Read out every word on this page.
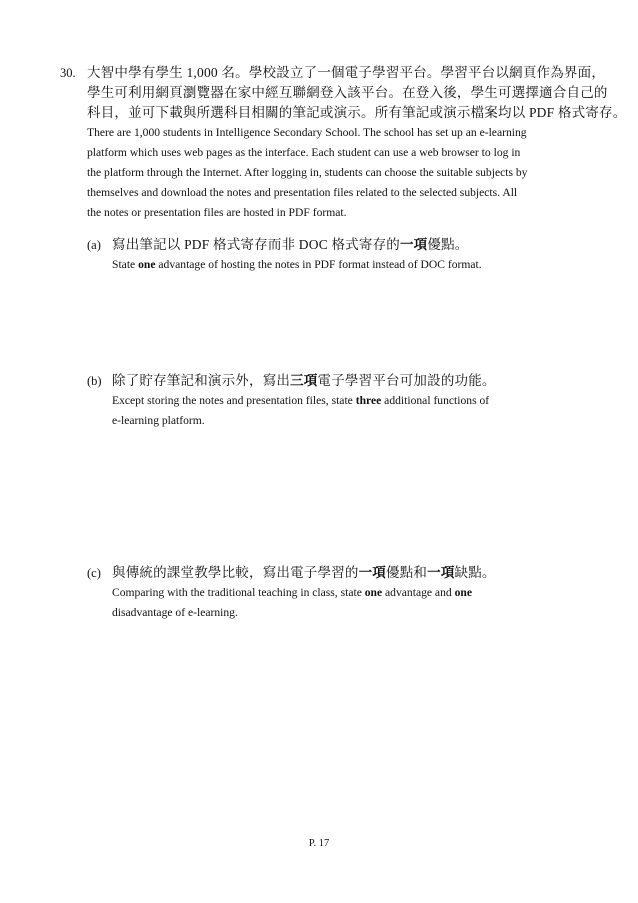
30. 大智中學有學生 1,000 名。學校設立了一個電子學習平台。學習平台以網頁作為界面，
學生可利用網頁瀏覽器在家中經互聯網登入該平台。在登入後，學生可選擇適合自己的
科目，並可下載與所選科目相關的筆記或演示。所有筆記或演示檔案均以 PDF 格式寄存。
There are 1,000 students in Intelligence Secondary School. The school has set up an e-learning
platform which uses web pages as the interface. Each student can use a web browser to log in
the platform through the Internet. After logging in, students can choose the suitable subjects by
themselves and download the notes and presentation files related to the selected subjects. All
the notes or presentation files are hosted in PDF format.
(a) 寫出筆記以 PDF 格式寄存而非 DOC 格式寄存的一項優點。
State one advantage of hosting the notes in PDF format instead of DOC format.
(b) 除了貯存筆記和演示外，寫出三項電子學習平台可加設的功能。
Except storing the notes and presentation files, state three additional functions of
e-learning platform.
(c) 與傳統的課堂教學比較，寫出電子學習的一項優點和一項缺點。
Comparing with the traditional teaching in class, state one advantage and one
disadvantage of e-learning.
P. 17
